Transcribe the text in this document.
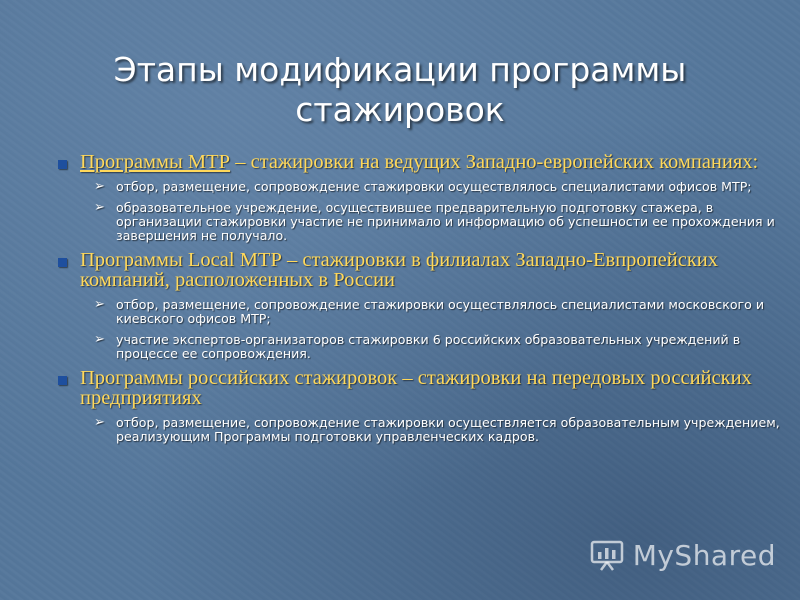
Этапы модификации программы стажировок

Программы МТР – стажировки на ведущих Западно-европейских компаниях:

➢ отбор, размещение, сопровождение стажировки осуществлялось специалистами офисов МТР;

➢ образовательное учреждение, осуществившее предварительную подготовку стажера, в организации стажировки участие не принимало и информацию об успешности ее прохождения и завершения не получало.

Программы Local МТР – стажировки в филиалах Западно-Евпропейских компаний, расположенных в России

➢ отбор, размещение, сопровождение стажировки осуществлялось специалистами московского и киевского офисов МТР;

➢ участие экспертов-организаторов стажировки 6 российских образовательных учреждений в процессе ее сопровождения.

Программы российских стажировок – стажировки на передовых российских предприятиях

➢ отбор, размещение, сопровождение стажировки осуществляется образовательным учреждением, реализующим Программы подготовки управленческих кадров.

MyShared
